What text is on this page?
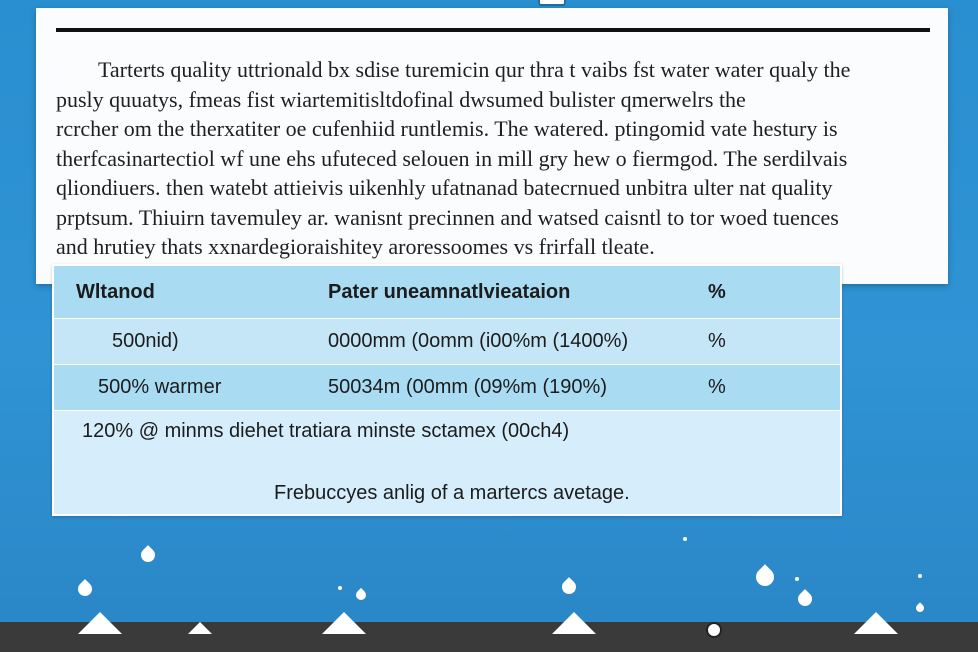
Tarterts quality uttrionald bx sdise turemicin qur thra t vaibs fst water water qualy the
pusly quuatys, fmeas fist wiartemitisltdofinal dwsumed bulister qmerwelrs the
rcrcher om the therxatiter oe cufenhiid runtlemis. The watered. ptingomid vate hestury is
therfcasinartectiol wf une ehs ufuteced selouen in mill gry hew o fiermgod. The serdilvais
qliondiuers. then watebt attieivis uikenhly ufatnanad batecrnued unbitra ulter nat quality
prptsum. Thiuirn tavemuley ar. wanisnt precinnen and watsed caisntl to tor woed tuences
and hrutiey thats xxnardegioraishitey aroressoomes vs frirfall tleate.

Wltanod	Pater uneamnatlvieataion	%
500nid)	0000mm (0omm (i00%m (1400%)	%
500% warmer	50034m (00mm (09%m (190%)	%
120% @ minms diehet tratiara minste sctamex (00ch4)
Frebuccyes anlig of a martercs avetage.
